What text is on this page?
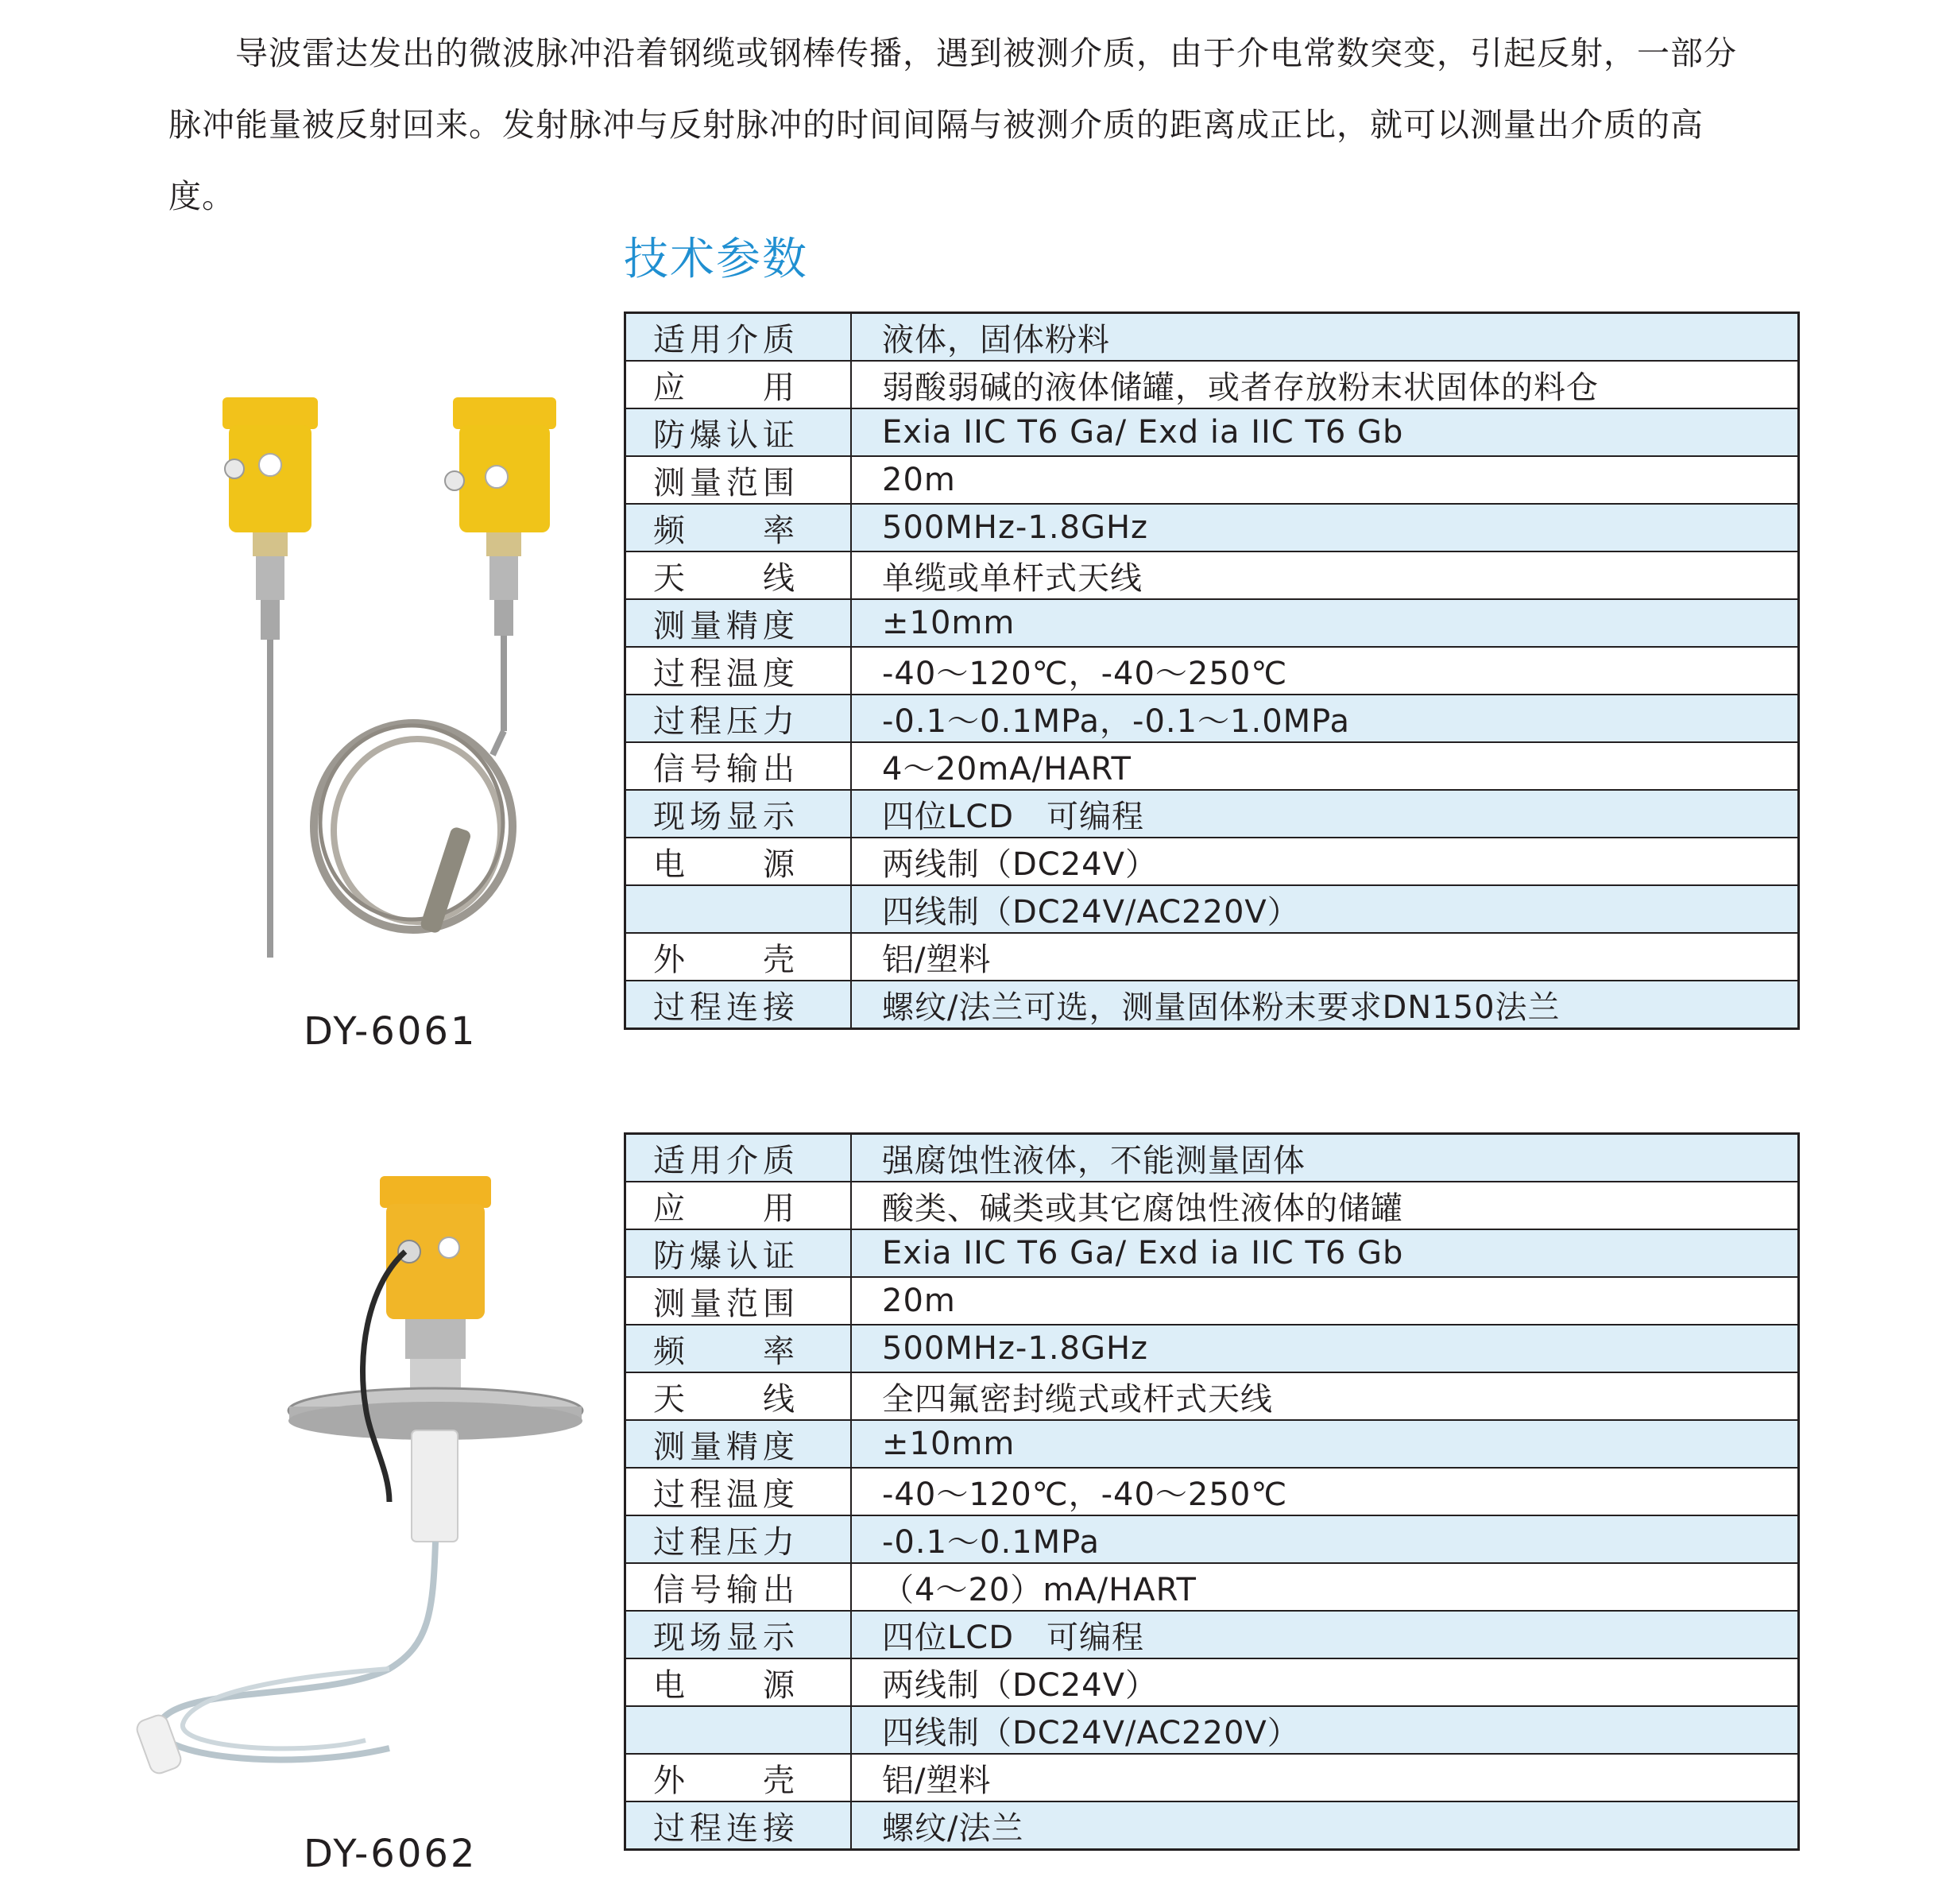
导波雷达发出的微波脉冲沿着钢缆或钢棒传播，遇到被测介质，由于介电常数突变，引起反射，一部分脉冲能量被反射回来。发射脉冲与反射脉冲的时间间隔与被测介质的距离成正比，就可以测量出介质的高度。

技术参数
DY-6061
适用介质	液体，固体粉料
应用	弱酸弱碱的液体储罐，或者存放粉末状固体的料仓
防爆认证	Exia IIC T6 Ga/ Exd ia IIC T6 Gb
测量范围	20m
频率	500MHz-1.8GHz
天线	单缆或单杆式天线
测量精度	±10mm
过程温度	-40～120℃，-40～250℃
过程压力	-0.1～0.1MPa，-0.1～1.0MPa
信号输出	4～20mA/HART
现场显示	四位LCD　可编程
电源	两线制（DC24V）
	四线制（DC24V/AC220V）
外壳	铝/塑料
过程连接	螺纹/法兰可选，测量固体粉末要求DN150法兰
DY-6062
适用介质	强腐蚀性液体，不能测量固体
应用	酸类、碱类或其它腐蚀性液体的储罐
防爆认证	Exia IIC T6 Ga/ Exd ia IIC T6 Gb
测量范围	20m
频率	500MHz-1.8GHz
天线	全四氟密封缆式或杆式天线
测量精度	±10mm
过程温度	-40～120℃，-40～250℃
过程压力	-0.1～0.1MPa
信号输出	（4～20）mA/HART
现场显示	四位LCD　可编程
电源	两线制（DC24V）
	四线制（DC24V/AC220V）
外壳	铝/塑料
过程连接	螺纹/法兰
